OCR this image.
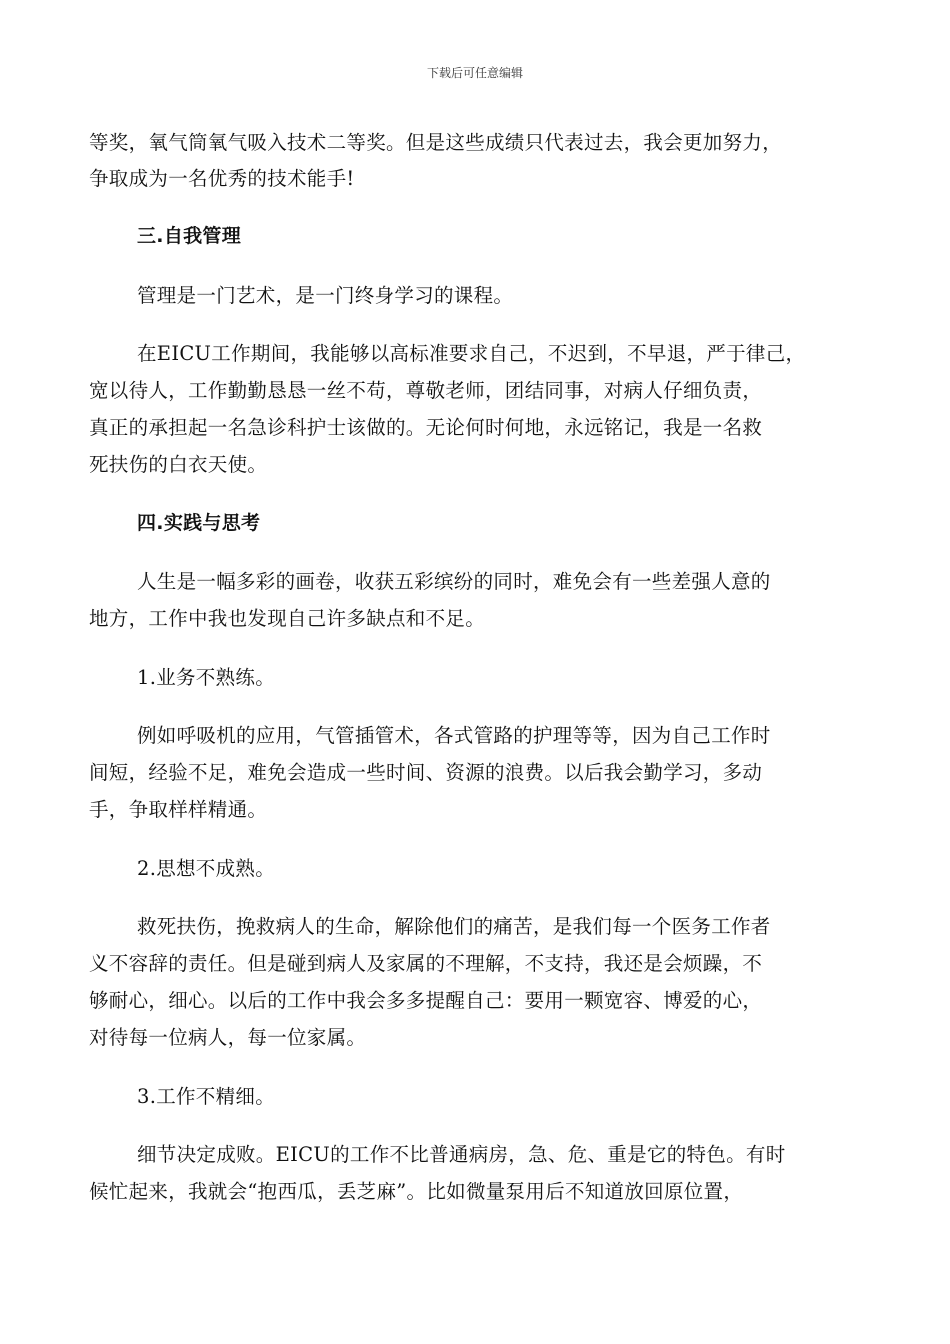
下载后可任意编辑
等奖，氧气筒氧气吸入技术二等奖。但是这些成绩只代表过去，我会更加努力，
争取成为一名优秀的技术能手!
三.自我管理
管理是一门艺术，是一门终身学习的课程。
在EICU工作期间，我能够以高标准要求自己，不迟到，不早退，严于律己，
宽以待人，工作勤勤恳恳一丝不苟，尊敬老师，团结同事，对病人仔细负责，
真正的承担起一名急诊科护士该做的。无论何时何地，永远铭记，我是一名救
死扶伤的白衣天使。
四.实践与思考
人生是一幅多彩的画卷，收获五彩缤纷的同时，难免会有一些差强人意的
地方，工作中我也发现自己许多缺点和不足。
1.业务不熟练。
例如呼吸机的应用，气管插管术，各式管路的护理等等，因为自己工作时
间短，经验不足，难免会造成一些时间、资源的浪费。以后我会勤学习，多动
手，争取样样精通。
2.思想不成熟。
救死扶伤，挽救病人的生命，解除他们的痛苦，是我们每一个医务工作者
义不容辞的责任。但是碰到病人及家属的不理解，不支持，我还是会烦躁，不
够耐心，细心。以后的工作中我会多多提醒自己：要用一颗宽容、博爱的心，
对待每一位病人，每一位家属。
3.工作不精细。
细节决定成败。EICU的工作不比普通病房，急、危、重是它的特色。有时
候忙起来，我就会“抱西瓜，丢芝麻”。比如微量泵用后不知道放回原位置，
